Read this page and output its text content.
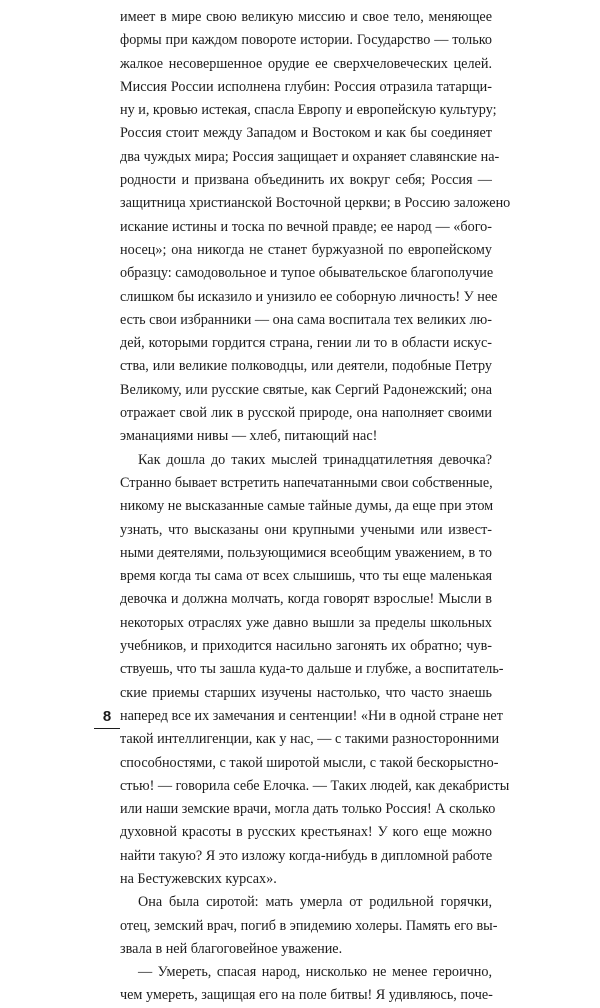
имеет в мире свою великую миссию и свое тело, меняющее
формы при каждом повороте истории. Государство — только
жалкое несовершенное орудие ее сверхчеловеческих целей.
Миссия России исполнена глубин: Россия отразила татарщи-
ну и, кровью истекая, спасла Европу и европейскую культуру;
Россия стоит между Западом и Востоком и как бы соединяет
два чуждых мира; Россия защищает и охраняет славянские на-
родности и призвана объединить их вокруг себя; Россия —
защитница христианской Восточной церкви; в Россию заложено
искание истины и тоска по вечной правде; ее народ — «бого-
носец»; она никогда не станет буржуазной по европейскому
образцу: самодовольное и тупое обывательское благополучие
слишком бы исказило и унизило ее соборную личность! У нее
есть свои избранники — она сама воспитала тех великих лю-
дей, которыми гордится страна, гении ли то в области искус-
ства, или великие полководцы, или деятели, подобные Петру
Великому, или русские святые, как Сергий Радонежский; она
отражает свой лик в русской природе, она наполняет своими
эманациями нивы — хлеб, питающий нас!
Как дошла до таких мыслей тринадцатилетняя девочка?
Странно бывает встретить напечатанными свои собственные,
никому не высказанные самые тайные думы, да еще при этом
узнать, что высказаны они крупными учеными или извест-
ными деятелями, пользующимися всеобщим уважением, в то
время когда ты сама от всех слышишь, что ты еще маленькая
девочка и должна молчать, когда говорят взрослые! Мысли в
некоторых отраслях уже давно вышли за пределы школьных
учебников, и приходится насильно загонять их обратно; чув-
ствуешь, что ты зашла куда-то дальше и глубже, а воспитатель-
ские приемы старших изучены настолько, что часто знаешь
наперед все их замечания и сентенции! «Ни в одной стране нет
такой интеллигенции, как у нас, — с такими разносторонними
способностями, с такой широтой мысли, с такой бескорыстно-
стью! — говорила себе Елочка. — Таких людей, как декабристы
или наши земские врачи, могла дать только Россия! А сколько
духовной красоты в русских крестьянах! У кого еще можно
найти такую? Я это изложу когда-нибудь в дипломной работе
на Бестужевских курсах».
Она была сиротой: мать умерла от родильной горячки,
отец, земский врач, погиб в эпидемию холеры. Память его вы-
звала в ней благоговейное уважение.
— Умереть, спасая народ, нисколько не менее героично,
чем умереть, защищая его на поле битвы! Я удивляюсь, поче-
8
